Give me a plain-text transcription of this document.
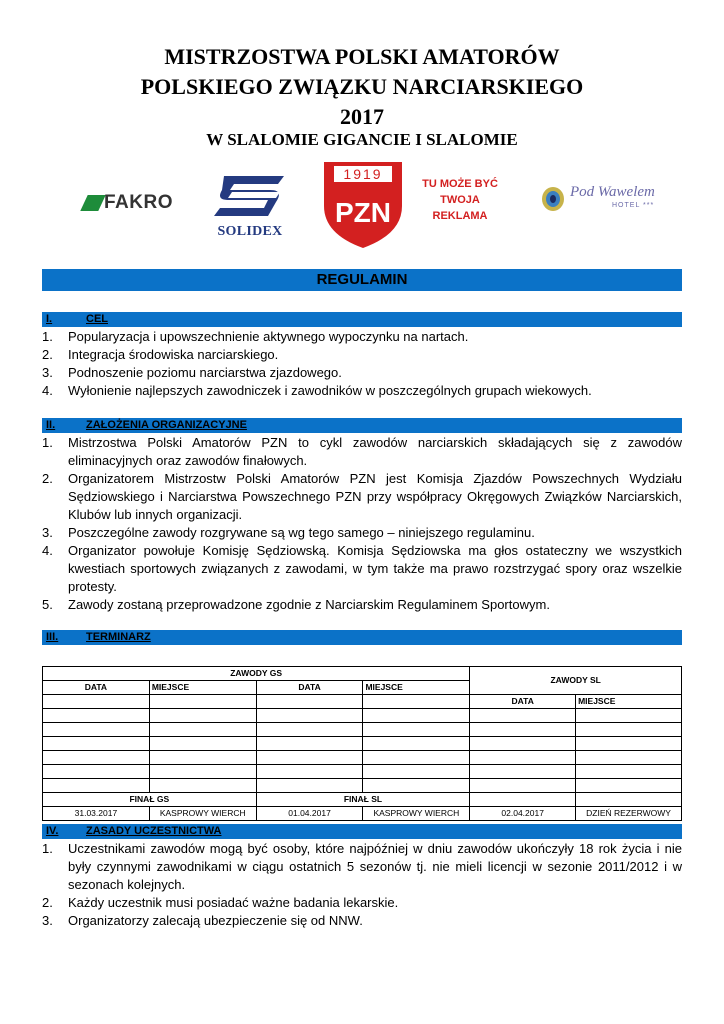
MISTRZOSTWA POLSKI AMATORÓW
POLSKIEGO ZWIĄZKU NARCIARSKIEGO
2017
W SLALOMIE GIGANCIE I SLALOMIE
FAKRO
SOLIDEX
1919
PZN
TU MOŻE BYĆ
TWOJA
REKLAMA
Pod Wawelem
HOTEL ***
REGULAMIN
I.	CEL
1. Popularyzacja i upowszechnienie aktywnego wypoczynku na nartach.
2. Integracja środowiska narciarskiego.
3. Podnoszenie poziomu narciarstwa zjazdowego.
4. Wyłonienie najlepszych zawodniczek i zawodników w poszczególnych grupach wiekowych.
II.	ZAŁOŻENIA ORGANIZACYJNE
1. Mistrzostwa Polski Amatorów PZN to cykl zawodów narciarskich składających się z zawodów eliminacyjnych oraz zawodów finałowych.
2. Organizatorem Mistrzostw Polski Amatorów PZN jest Komisja Zjazdów Powszechnych Wydziału Sędziowskiego i Narciarstwa Powszechnego PZN przy współpracy Okręgowych Związków Narciarskich, Klubów lub innych organizacji.
3. Poszczególne zawody rozgrywane są wg tego samego – niniejszego regulaminu.
4. Organizator powołuje Komisję Sędziowską. Komisja Sędziowska ma głos ostateczny we wszystkich kwestiach sportowych związanych z zawodami, w tym także ma prawo rozstrzygać spory oraz wszelkie protesty.
5. Zawody zostaną przeprowadzone zgodnie z Narciarskim Regulaminem Sportowym.
III.	TERMINARZ
ZAWODY GS				ZAWODY SL	
DATA	MIEJSCE	DATA	MIEJSCE		
				DATA	MIEJSCE

FINAŁ GS		FINAŁ SL			
31.03.2017	KASPROWY WIERCH	01.04.2017	KASPROWY WIERCH	02.04.2017	DZIEŃ REZERWOWY
IV.	ZASADY UCZESTNICTWA
1. Uczestnikami zawodów mogą być osoby, które najpóźniej w dniu zawodów ukończyły 18 rok życia i nie były czynnymi zawodnikami w ciągu ostatnich 5 sezonów tj. nie mieli licencji w sezonie 2011/2012 i w sezonach kolejnych.
2. Każdy uczestnik musi posiadać ważne badania lekarskie.
3. Organizatorzy zalecają ubezpieczenie się od NNW.
